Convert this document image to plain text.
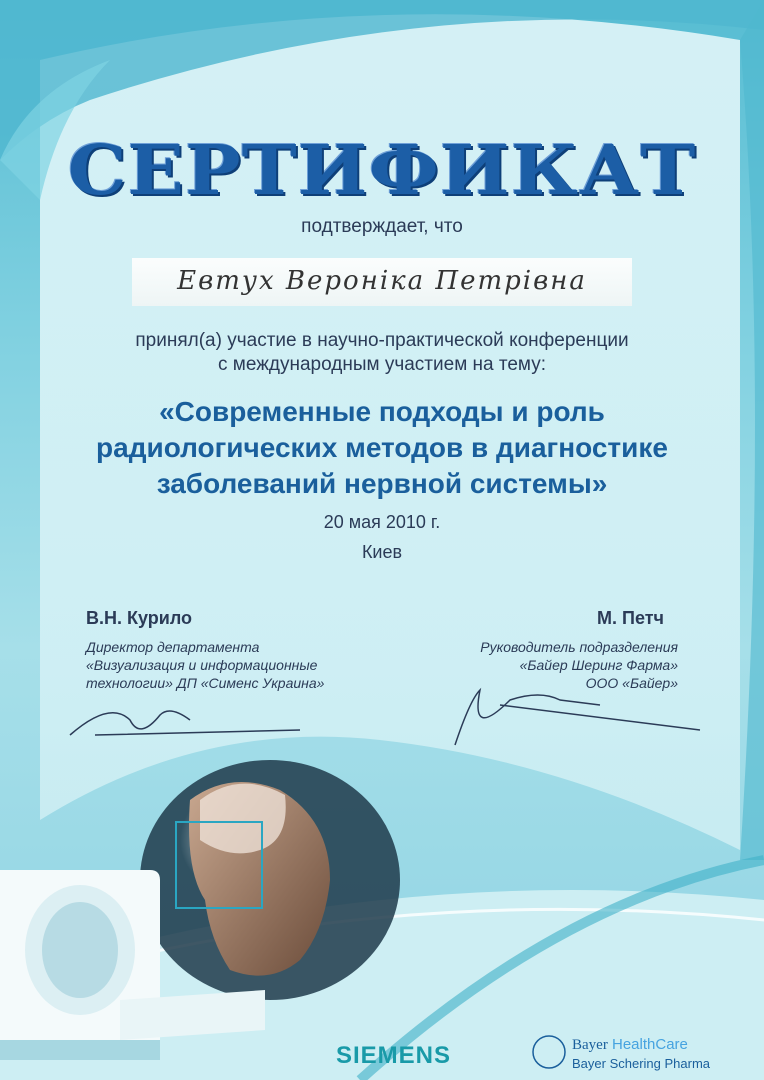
СЕРТИФИКАТ
подтверждает, что
Евтух Вероніка Петрівна
принял(а) участие в научно-практической конференции
с международным участием на тему:
«Современные подходы и роль
радиологических методов в диагностике
заболеваний нервной системы»
20 мая 2010 г.
Киев
В.Н. Курило
Директор департамента
«Визуализация и информационные
технологии» ДП «Сименс Украина»
М. Петч
Руководитель подразделения
«Байер Шеринг Фарма»
ООО «Байер»
SIEMENS	Bayer HealthCare
Bayer Schering Pharma
